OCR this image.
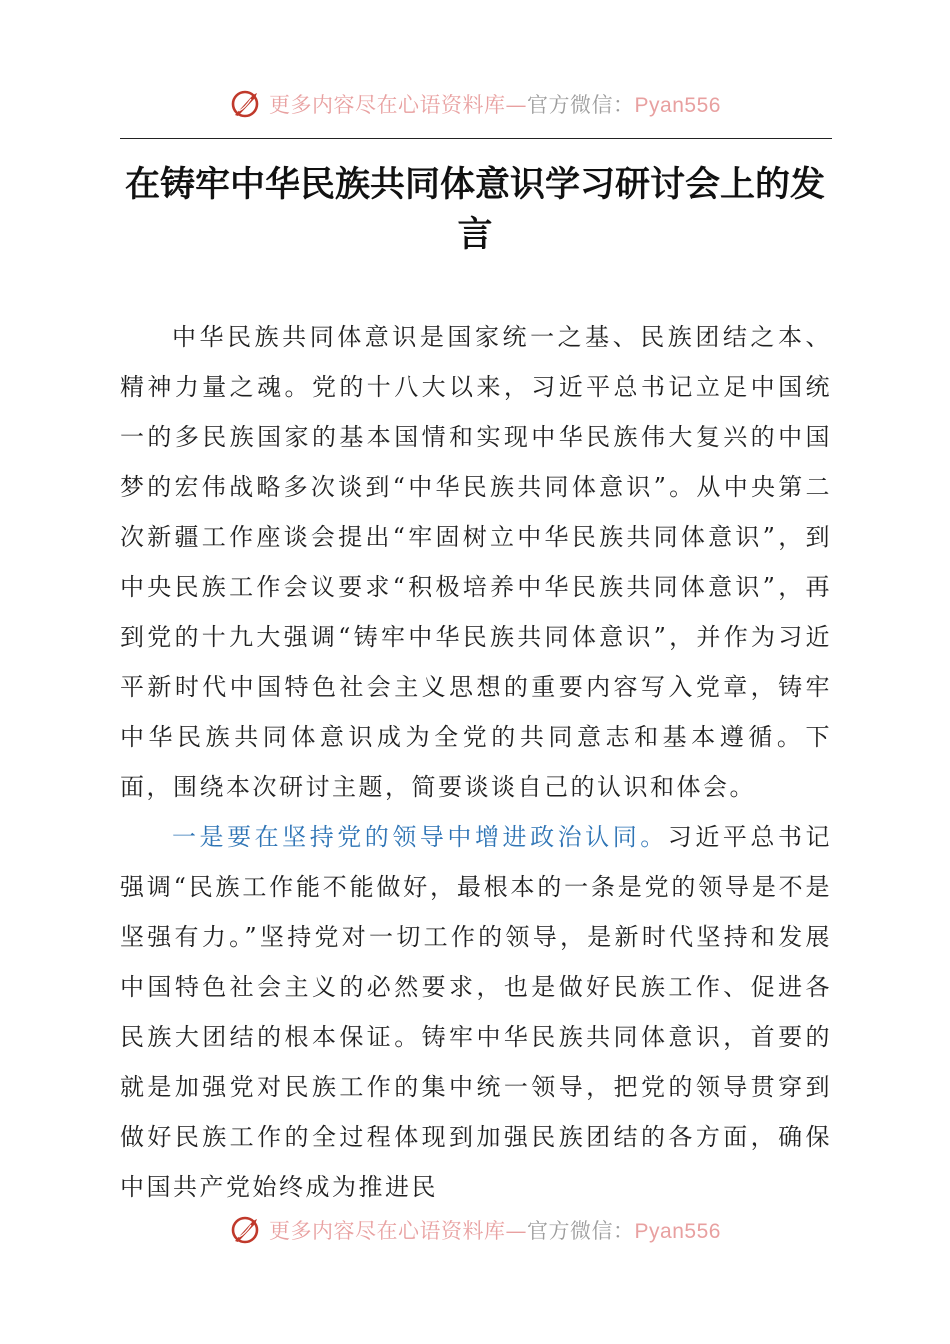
更多内容尽在心语资料库—官方微信：Pyan556
在铸牢中华民族共同体意识学习研讨会上的发言

中华民族共同体意识是国家统一之基、民族团结之本、精神力量之魂。党的十八大以来，习近平总书记立足中国统一的多民族国家的基本国情和实现中华民族伟大复兴的中国梦的宏伟战略多次谈到“中华民族共同体意识”。从中央第二次新疆工作座谈会提出“牢固树立中华民族共同体意识”，到中央民族工作会议要求“积极培养中华民族共同体意识”，再到党的十九大强调“铸牢中华民族共同体意识”，并作为习近平新时代中国特色社会主义思想的重要内容写入党章，铸牢中华民族共同体意识成为全党的共同意志和基本遵循。下面，围绕本次研讨主题，简要谈谈自己的认识和体会。

一是要在坚持党的领导中增进政治认同。习近平总书记强调“民族工作能不能做好，最根本的一条是党的领导是不是坚强有力。”坚持党对一切工作的领导，是新时代坚持和发展中国特色社会主义的必然要求，也是做好民族工作、促进各民族大团结的根本保证。铸牢中华民族共同体意识，首要的就是加强党对民族工作的集中统一领导，把党的领导贯穿到做好民族工作的全过程体现到加强民族团结的各方面，确保中国共产党始终成为推进民

更多内容尽在心语资料库—官方微信：Pyan556
